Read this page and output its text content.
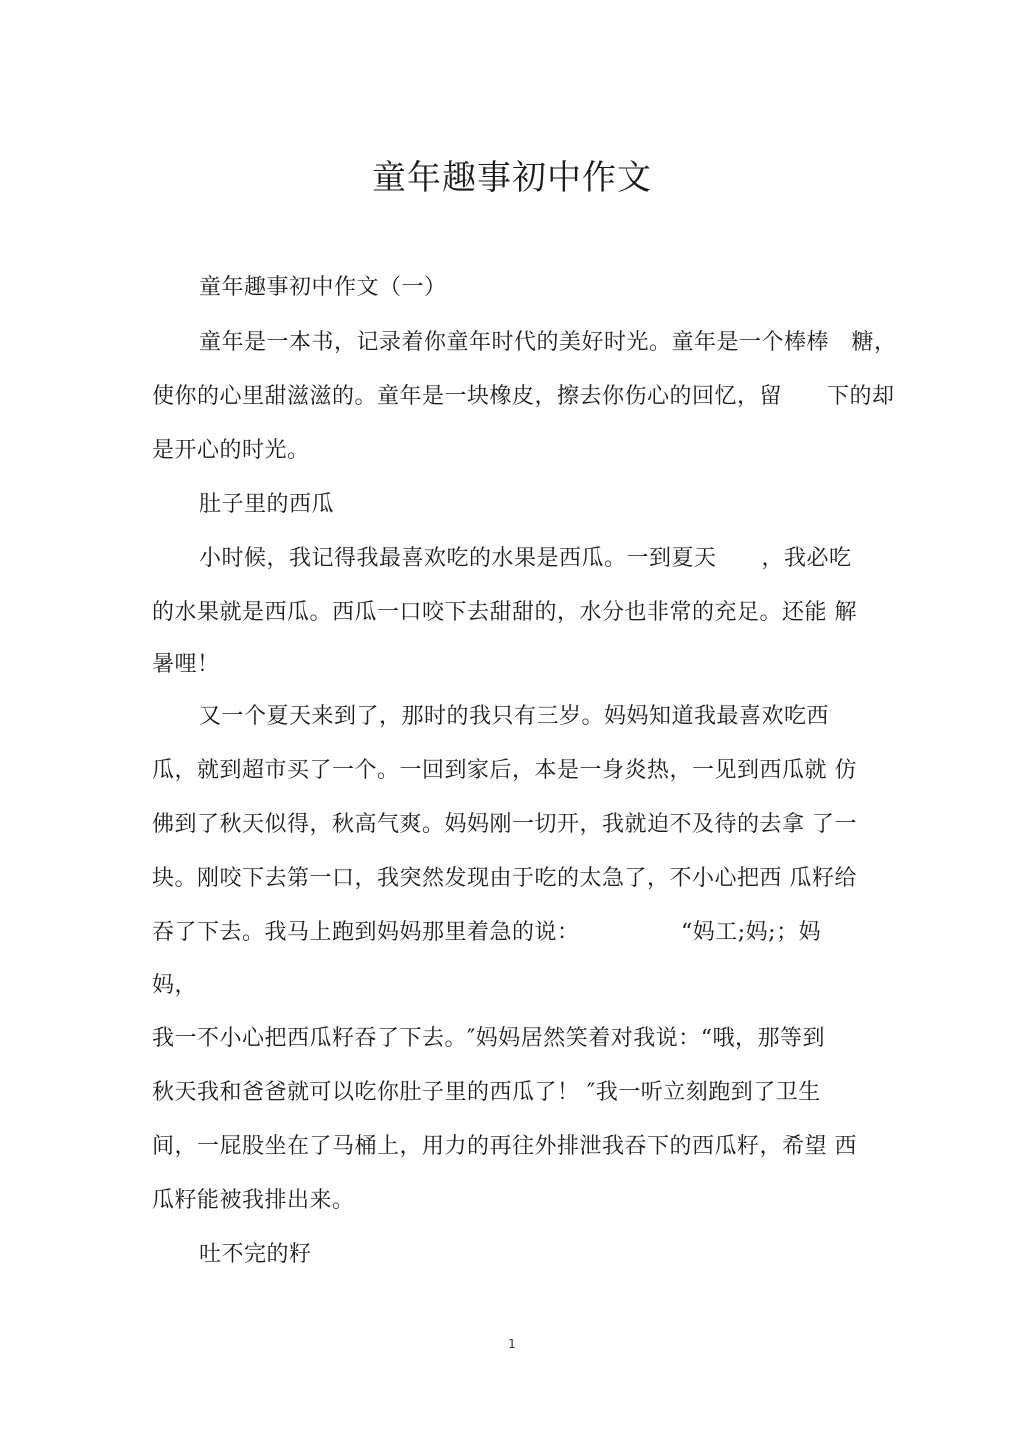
童年趣事初中作文

童年趣事初中作文（一）

童年是一本书，记录着你童年时代的美好时光。童年是一个棒棒　糖，

使你的心里甜滋滋的。童年是一块橡皮，擦去你伤心的回忆，留　　下的却

是开心的时光。

肚子里的西瓜

小时候，我记得我最喜欢吃的水果是西瓜。一到夏天　　，我必吃

的水果就是西瓜。西瓜一口咬下去甜甜的，水分也非常的充足。还能 解

暑哩！

又一个夏天来到了，那时的我只有三岁。妈妈知道我最喜欢吃西

瓜，就到超市买了一个。一回到家后，本是一身炎热，一见到西瓜就 仿

佛到了秋天似得，秋高气爽。妈妈刚一切开，我就迫不及待的去拿 了一

块。刚咬下去第一口，我突然发现由于吃的太急了，不小心把西 瓜籽给

吞了下去。我马上跑到妈妈那里着急的说：　　　　　“妈工;妈;；妈

妈，

我一不小心把西瓜籽吞了下去。″妈妈居然笑着对我说：“哦，那等到

秋天我和爸爸就可以吃你肚子里的西瓜了！ ″我一听立刻跑到了卫生

间，一屁股坐在了马桶上，用力的再往外排泄我吞下的西瓜籽，希望 西

瓜籽能被我排出来。

吐不完的籽

1
